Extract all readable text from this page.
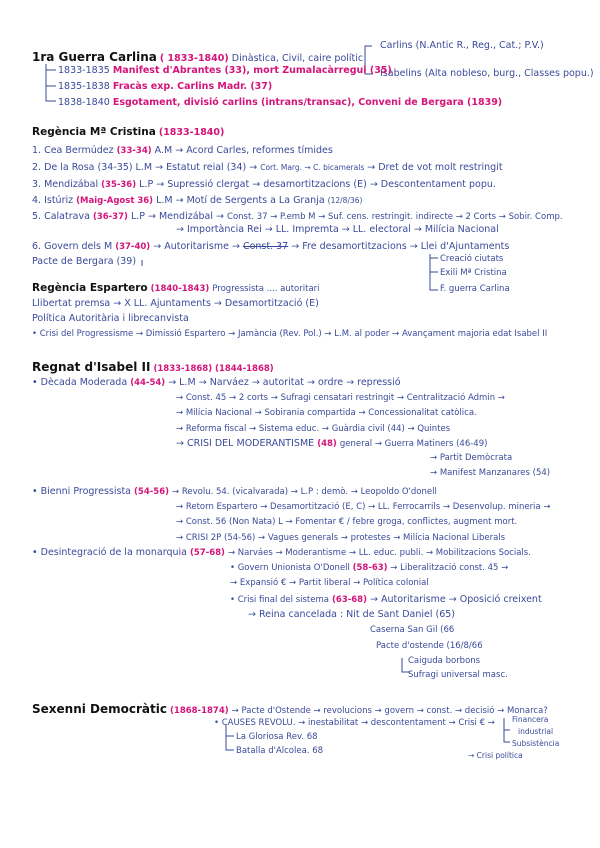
1ra Guerra Carlina ( 1833-1840) Dinàstica, Civil, caire polític
Carlins (N.Antic R., Reg., Cat.; P.V.)
Isabelins (Alta nobleso, burg., Classes popu.)
1833-1835 Manifest d'Abrantes (33), mort Zumalacàrregui (35)
1835-1838 Fracàs exp. Carlins Madr. (37)
1838-1840 Esgotament, divisió carlins (intrans/transac), Conveni de Bergara (1839)
Regència Mª Cristina (1833-1840)
1. Cea Bermúdez (33-34) A.M → Acord Carles, reformes tímides
2. De la Rosa (34-35) L.M → Estatut reial (34) → Cort. Marg. → C. bicamerals → Dret de vot molt restringit
3. Mendizábal (35-36) L.P → Supressió clergat → desamortitzacions (E) → Descontentament popu.
4. Istúriz (Maig-Agost 36) L.M → Motí de Sergents a La Granja (12/8/36)
5. Calatrava (36-37) L.P → Mendizábal → Const. 37 → P.emb M → Suf. cens. restringit. indirecte → 2 Corts → Sobir. Comp.
→ Importància Rei → LL. Impremta → LL. electoral → Milícia Nacional
6. Govern dels M (37-40) → Autoritarisme → Const. 37 → Fre desamortitzacions → Llei d'Ajuntaments
Pacte de Bergara (39)	Creació ciutats
Exili Mª Cristina
F. guerra Carlina
Regència Espartero (1840-1843) Progressista .... autoritari
Llibertat premsa → X LL. Ajuntaments → Desamortització (E)
Política Autoritària i librecanvista
• Crisi del Progressisme → Dimissió Espartero → Jamància (Rev. Pol.) → L.M. al poder → Avançament majoria edat Isabel II
Regnat d'Isabel II (1833-1868) (1844-1868)
• Dècada Moderada (44-54) → L.M → Narváez → autoritat → ordre → repressió
→ Const. 45 → 2 corts → Sufragi censatari restringit → Centralització Admin →
→ Milícia Nacional → Sobirania compartida → Concessionalitat catòlica.
→ Reforma fiscal → Sistema educ. → Guàrdia civil (44) → Quintes
→ CRISI DEL MODERANTISME (48) general → Guerra Matiners (46-49)
→ Partit Demòcrata
→ Manifest Manzanares (54)
• Bienni Progressista (54-56) → Revolu. 54. (vicalvarada) → L.P : demò. → Leopoldo O'donell
→ Retorn Espartero → Desamortització (E, C) → LL. Ferrocarrils → Desenvolup. mineria →
→ Const. 56 (Non Nata) L → Fomentar € / febre groga, conflictes, augment mort.
→ CRISI 2P (54-56) → Vagues generals → protestes → Milícia Nacional Liberals
• Desintegració de la monarquia (57-68) → Narváes → Moderantisme → LL. educ. publi. → Mobilitzacions Socials.
• Govern Unionista O'Donell (58-63) → Liberalització const. 45 →
→ Expansió € → Partit liberal → Política colonial
• Crisi final del sistema (63-68) → Autoritarisme → Oposició creixent
→ Reina cancelada : Nit de Sant Daniel (65)
Caserna San Gil (66
Pacte d'ostende (16/8/66
Caiguda borbons
Sufragi universal masc.
Sexenni Democràtic (1868-1874) → Pacte d'Ostende → revolucions → govern → const. → decisió → Monarca?
• CAUSES REVOLU. → inestabilitat → descontentament → Crisi € → Financera
industrial
Subsistència
→ Crisi política
La Gloriosa Rev. 68
Batalla d'Alcolea. 68
